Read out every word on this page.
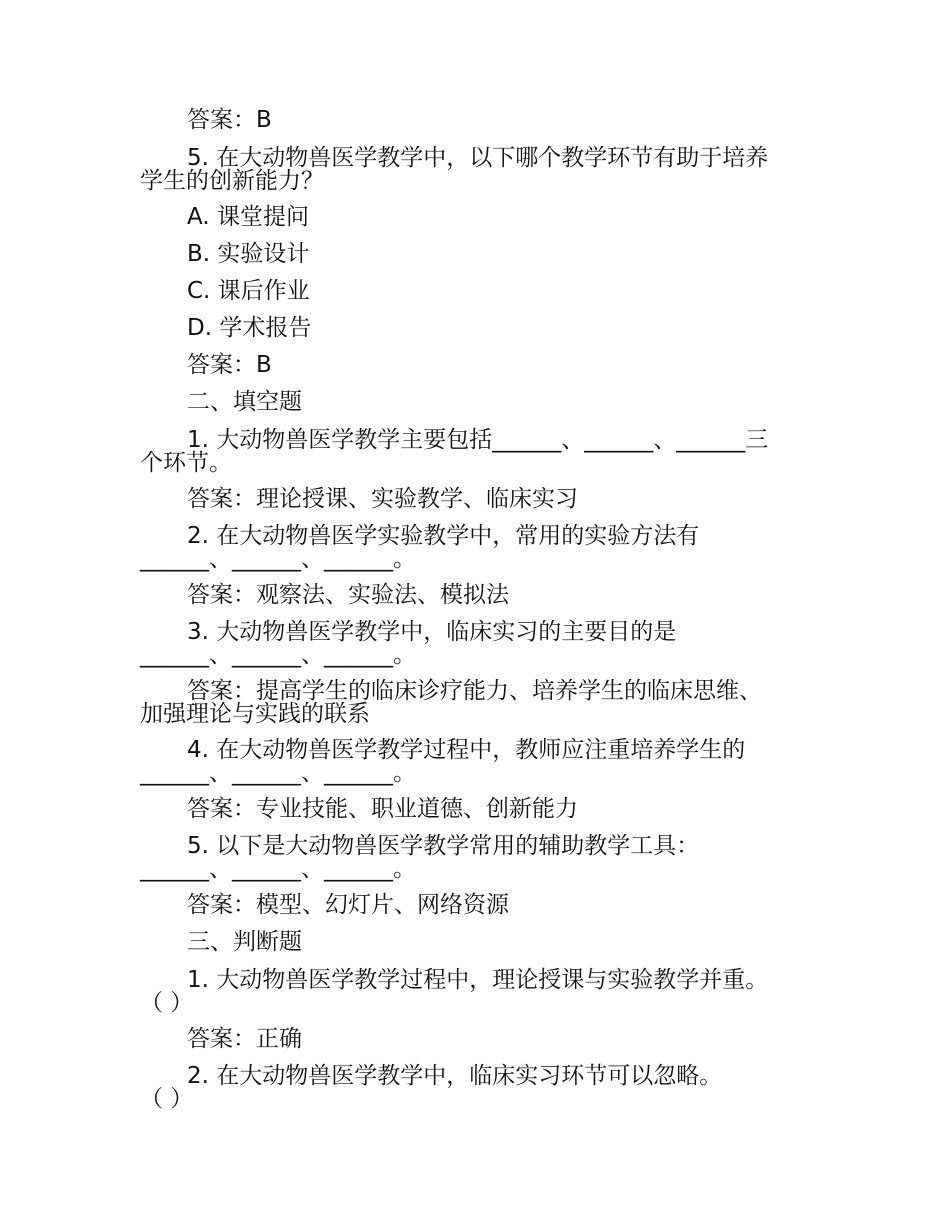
答案：B
5. 在大动物兽医学教学中，以下哪个教学环节有助于培养
学生的创新能力？
A. 课堂提问
B. 实验设计
C. 课后作业
D. 学术报告
答案：B
二、填空题
1. 大动物兽医学教学主要包括______、______、______三
个环节。
答案：理论授课、实验教学、临床实习
2. 在大动物兽医学实验教学中，常用的实验方法有
______、______、______。
答案：观察法、实验法、模拟法
3. 大动物兽医学教学中，临床实习的主要目的是
______、______、______。
答案：提高学生的临床诊疗能力、培养学生的临床思维、
加强理论与实践的联系
4. 在大动物兽医学教学过程中，教师应注重培养学生的
______、______、______。
答案：专业技能、职业道德、创新能力
5. 以下是大动物兽医学教学常用的辅助教学工具：
______、______、______。
答案：模型、幻灯片、网络资源
三、判断题
1. 大动物兽医学教学过程中，理论授课与实验教学并重。
（ ）
答案：正确
2. 在大动物兽医学教学中，临床实习环节可以忽略。
（ ）
